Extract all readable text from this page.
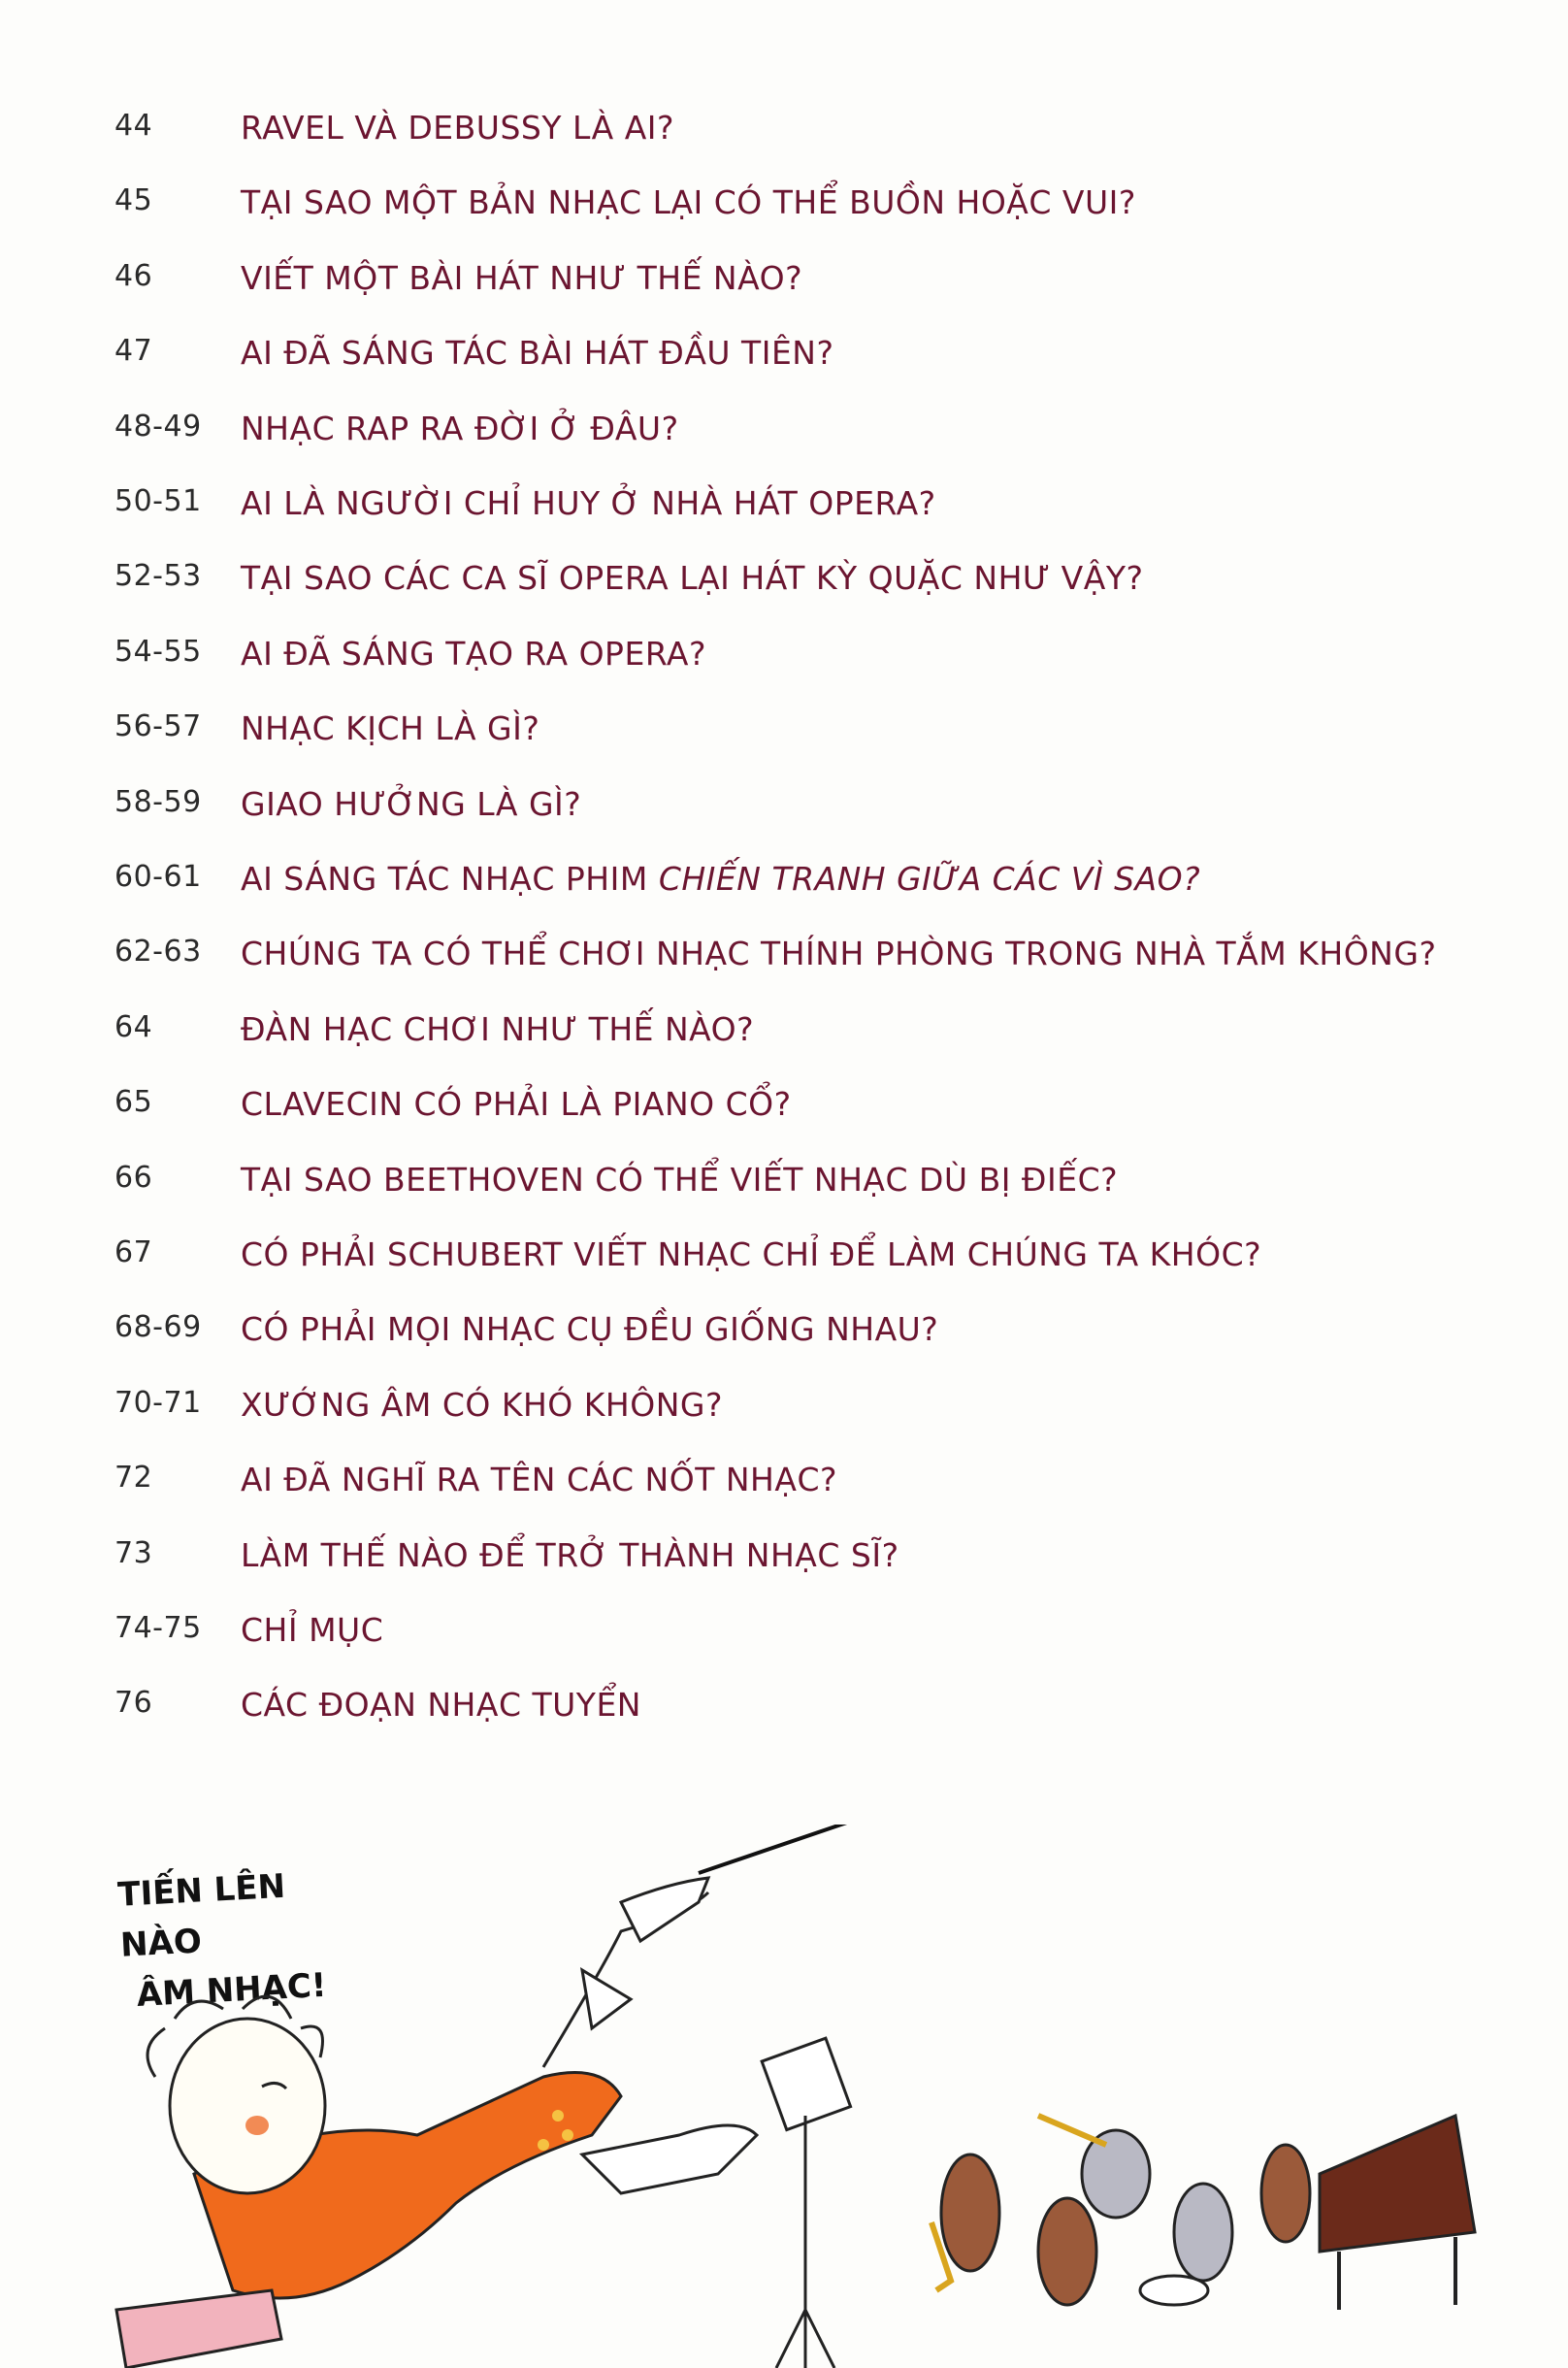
44	RAVEL VÀ DEBUSSY LÀ AI?
45	TẠI SAO MỘT BẢN NHẠC LẠI CÓ THỂ BUỒN HOẶC VUI?
46	VIẾT MỘT BÀI HÁT NHƯ THẾ NÀO?
47	AI ĐÃ SÁNG TÁC BÀI HÁT ĐẦU TIÊN?
48-49 NHẠC RAP RA ĐỜI Ở ĐÂU?
50-51 AI LÀ NGƯỜI CHỈ HUY Ở NHÀ HÁT OPERA?
52-53 TẠI SAO CÁC CA SĨ OPERA LẠI HÁT KỲ QUẶC NHƯ VẬY?
54-55 AI ĐÃ SÁNG TẠO RA OPERA?
56-57 NHẠC KỊCH LÀ GÌ?
58-59 GIAO HƯỞNG LÀ GÌ?
60-61 AI SÁNG TÁC NHẠC PHIM CHIẾN TRANH GIỮA CÁC VÌ SAO?
62-63 CHÚNG TA CÓ THỂ CHƠI NHẠC THÍNH PHÒNG TRONG NHÀ TẮM KHÔNG?
64	ĐÀN HẠC CHƠI NHƯ THẾ NÀO?
65	CLAVECIN CÓ PHẢI LÀ PIANO CỔ?
66	TẠI SAO BEETHOVEN CÓ THỂ VIẾT NHẠC DÙ BỊ ĐIẾC?
67	CÓ PHẢI SCHUBERT VIẾT NHẠC CHỈ ĐỂ LÀM CHÚNG TA KHÓC?
68-69 CÓ PHẢI MỌI NHẠC CỤ ĐỀU GIỐNG NHAU?
70-71 XƯỚNG ÂM CÓ KHÓ KHÔNG?
72	AI ĐÃ NGHĨ RA TÊN CÁC NỐT NHẠC?
73	LÀM THẾ NÀO ĐỂ TRỞ THÀNH NHẠC SĨ?
74-75 CHỈ MỤC
76	CÁC ĐOẠN NHẠC TUYỂN
TIẾN LÊN NÀO
ÂM NHẠC!
